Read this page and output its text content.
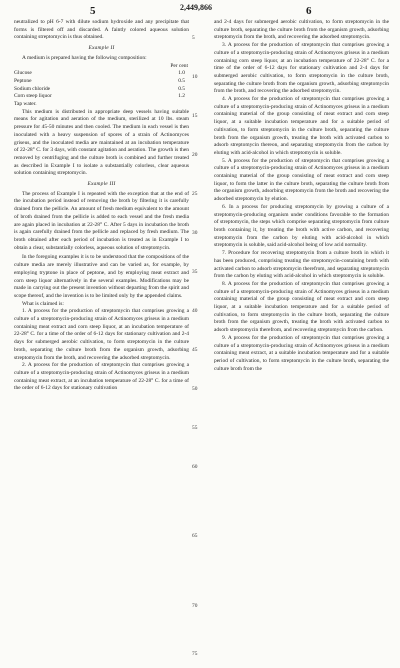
5	2,449,866	6

neutralized to pH 6-7 with dilute sodium hydroxide and any precipitate that forms is filtered off and discarded. A faintly colored aqueous solution containing streptomycin is thus obtained.

Example II

A medium is prepared having the following composition:

Per cent	
Glucose	1.0
Peptone	0.5
Sodium chloride	0.5
Corn steep liquor	1.2
Tap water.	

This medium is distributed in appropriate deep vessels having suitable means for agitation and aeration of the medium, sterilized at 10 lbs. steam pressure for 45-50 minutes and then cooled. The medium in each vessel is then inoculated with a heavy suspension of spores of a strain of Actinomyces griseus, and the inoculated media are maintained at an incubation temperature of 22-28° C. for 3 days, with constant agitation and aeration. The growth is then removed by centrifuging and the culture broth is combined and further treated as described in Example I to isolate a substantially colorless, clear aqueous solution containing streptomycin.

Example III

The process of Example I is repeated with the exception that at the end of the incubation period instead of removing the broth by filtering it is carefully drained from the pellicle. An amount of fresh medium equivalent to the amount of broth drained from the pellicle is added to each vessel and the fresh media are again placed in incubation at 22-28° C. After 5 days in incubation the broth is again carefully drained from the pellicle and replaced by fresh medium. The broth obtained after each period of incubation is treated as in Example I to obtain a clear, substantially colorless, aqueous solution of streptomycin.

In the foregoing examples it is to be understood that the compositions of the culture media are merely illustrative and can be varied as, for example, by employing tryptone in place of peptone, and by employing meat extract and corn steep liquor alternatively in the several examples. Modifications may be made in carrying out the present invention without departing from the spirit and scope thereof, and the invention is to be limited only by the appended claims.

What is claimed is:

1. A process for the production of streptomycin that comprises growing a culture of a streptomycin-producing strain of Actinomyces griseus in a medium containing meat extract and corn steep liquor, at an incubation temperature of 22-28° C. for a time of the order of 6-12 days for stationary cultivation and 2-4 days for submerged aerobic cultivation, to form streptomycin in the culture broth, separating the culture broth from the organism growth, adsorbing streptomycin from the broth, and recovering the adsorbed streptomycin.

2. A process for the production of streptomycin that comprises growing a culture of a streptomycin-producing strain of Actinomyces griseus in a medium containing meat extract, at an incubation temperature of 22-28° C. for a time of the order of 6-12 days for stationary cultivation

and 2-4 days for submerged aerobic cultivation, to form streptomycin in the culture broth, separating the culture broth from the organism growth, adsorbing streptomycin from the broth, and recovering the adsorbed streptomycin.

3. A process for the production of streptomycin that comprises growing a culture of a streptomycin-producing strain of Actinomyces griseus in a medium containing corn steep liquor, at an incubation temperature of 22-28° C. for a time of the order of 6-12 days for stationary cultivation and 2-4 days for submerged aerobic cultivation, to form streptomycin in the culture broth, separating the culture broth from the organism growth, adsorbing streptomycin from the broth, and recovering the adsorbed streptomycin.

4. A process for the production of streptomycin that comprises growing a culture of a streptomycin-producing strain of Actinomyces griseus in a medium containing material of the group consisting of meat extract and corn steep liquor, at a suitable incubation temperature and for a suitable period of cultivation, to form streptomycin in the culture broth, separating the culture broth from the organism growth, treating the broth with activated carbon to adsorb streptomycin thereon, and separating streptomycin from the carbon by eluting with acid-alcohol in which streptomycin is soluble.

5. A process for the production of streptomycin that comprises growing a culture of a streptomycin-producing strain of Actinomyces griseus in a medium containing material of the group consisting of meat extract and corn steep liquor, to form the latter in the culture broth, separating the culture broth from the organism growth, adsorbing streptomycin from the broth and recovering the adsorbed streptomycin by elution.

6. In a process for producing streptomycin by growing a culture of a streptomycin-producing organism under conditions favorable to the formation of streptomycin, the steps which comprise separating streptomycin from culture broth containing it, by treating the broth with active carbon, and recovering streptomycin from the carbon by eluting with acid-alcohol in which streptomycin is soluble, said acid-alcohol being of low acid normality.

7. Procedure for recovering streptomycin from a culture broth in which it has been produced, comprising treating the streptomycin-containing broth with activated carbon to adsorb streptomycin therefrom, and separating streptomycin from the carbon by eluting with acid-alcohol in which streptomycin is soluble.

8. A process for the production of streptomycin that comprises growing a culture of a streptomycin-producing strain of Actinomyces griseus in a medium containing material of the group consisting of meat extract and corn steep liquor, at a suitable incubation temperature and for a suitable period of cultivation, to form streptomycin in the culture broth, separating the culture broth from the organism growth, treating the broth with activated carbon to adsorb streptomycin therefrom, and recovering streptomycin from the carbon.

9. A process for the production of streptomycin that comprises growing a culture of a streptomycin-producing strain of Actinomyces griseus in a medium containing meat extract, at a suitable incubation temperature and for a suitable period of cultivation, to form streptomycin in the culture broth, separating the culture broth from the

5
10
15
20
25
30
35
40
45
50
55
60
65
70
75
